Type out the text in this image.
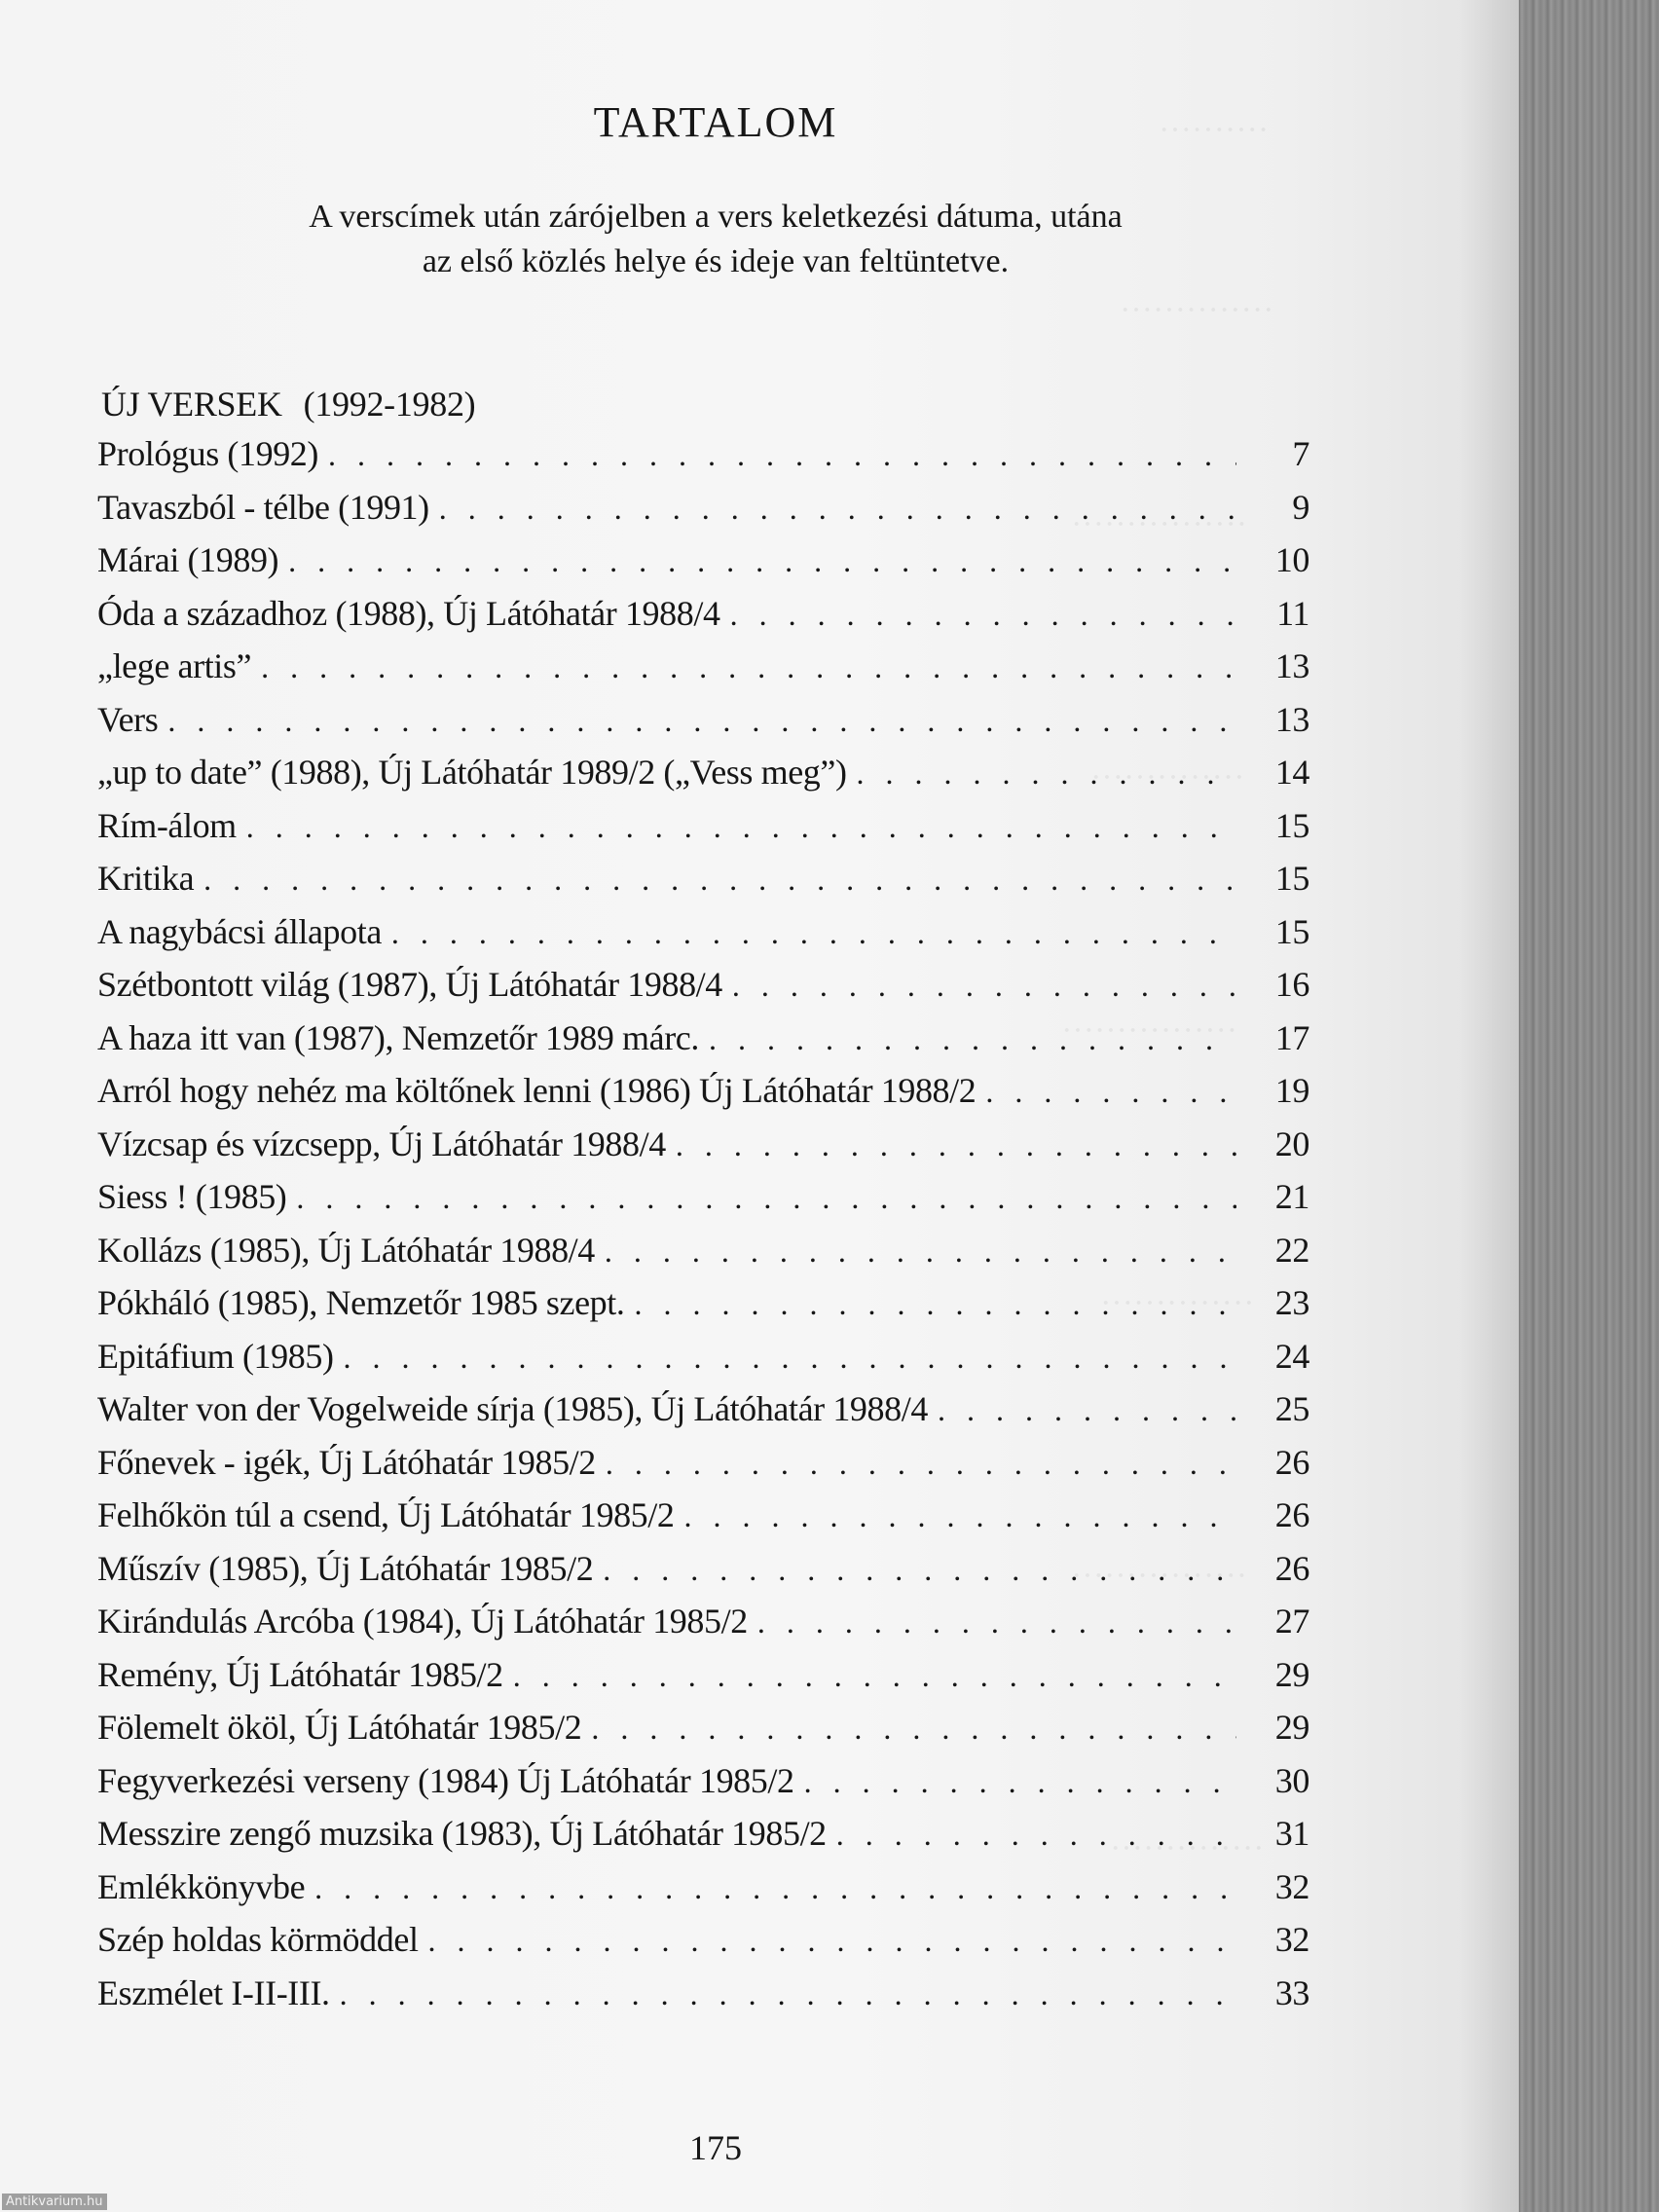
··········
··············
················
··············
················
··············
················
··············
TARTALOM
A verscímek után zárójelben a vers keletkezési dátuma, utána
az első közlés helye és ideje van feltüntetve.
ÚJ VERSEK (1992-1982)
Prológus (1992) . . .	7
Tavaszból - télbe (1991) . . .	9
Márai (1989) . . .	10
Óda a századhoz (1988), Új Látóhatár 1988/4 . . .	11
„lege artis” . . .	13
Vers . . .	13
„up to date” (1988), Új Látóhatár 1989/2 („Vess meg”) . . .	14
Rím-álom . . .	15
Kritika . . .	15
A nagybácsi állapota . . .	15
Szétbontott világ (1987), Új Látóhatár 1988/4 . . .	16
A haza itt van (1987), Nemzetőr 1989 márc. . . .	17
Arról hogy nehéz ma költőnek lenni (1986) Új Látóhatár 1988/2 . . .	19
Vízcsap és vízcsepp, Új Látóhatár 1988/4 . . .	20
Siess ! (1985) . . .	21
Kollázs (1985), Új Látóhatár 1988/4 . . .	22
Pókháló (1985), Nemzetőr 1985 szept. . . .	23
Epitáfium (1985) . . .	24
Walter von der Vogelweide sírja (1985), Új Látóhatár 1988/4 . . .	25
Főnevek - igék, Új Látóhatár 1985/2 . . .	26
Felhőkön túl a csend, Új Látóhatár 1985/2 . . .	26
Műszív (1985), Új Látóhatár 1985/2 . . .	26
Kirándulás Arcóba (1984), Új Látóhatár 1985/2 . . .	27
Remény, Új Látóhatár 1985/2 . . .	29
Fölemelt ököl, Új Látóhatár 1985/2 . . .	29
Fegyverkezési verseny (1984) Új Látóhatár 1985/2 . . .	30
Messzire zengő muzsika (1983), Új Látóhatár 1985/2 . . .	31
Emlékkönyvbe . . .	32
Szép holdas körmöddel . . .	32
Eszmélet I-II-III. . . .	33
175
Antikvarium.hu
